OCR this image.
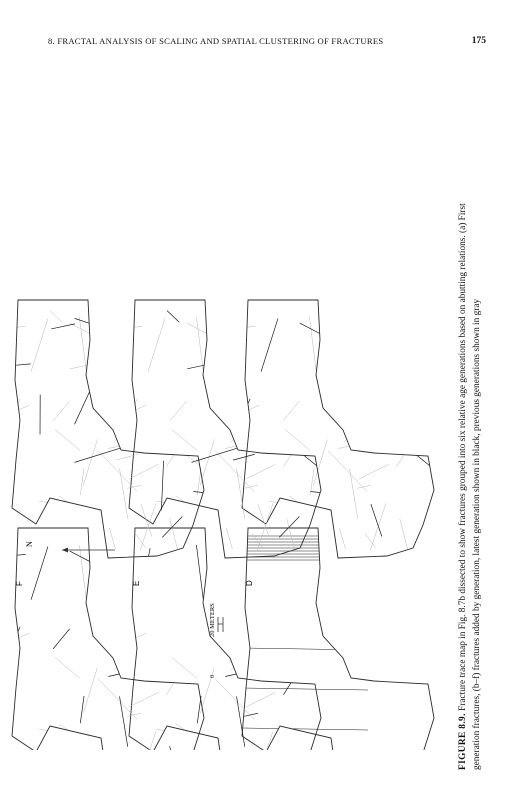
8. FRACTAL ANALYSIS OF SCALING AND SPATIAL CLUSTERING OF FRACTURES	175
D
E
F
N
0
20 METERS

FIGURE 8.9. Fracture trace map in Fig. 8.7b dissected to show fractures grouped into six relative age generations based on abutting relations. (a) First generation fractures, (b–f) fractures added by generation, latest generation shown in black, previous generations shown in gray
